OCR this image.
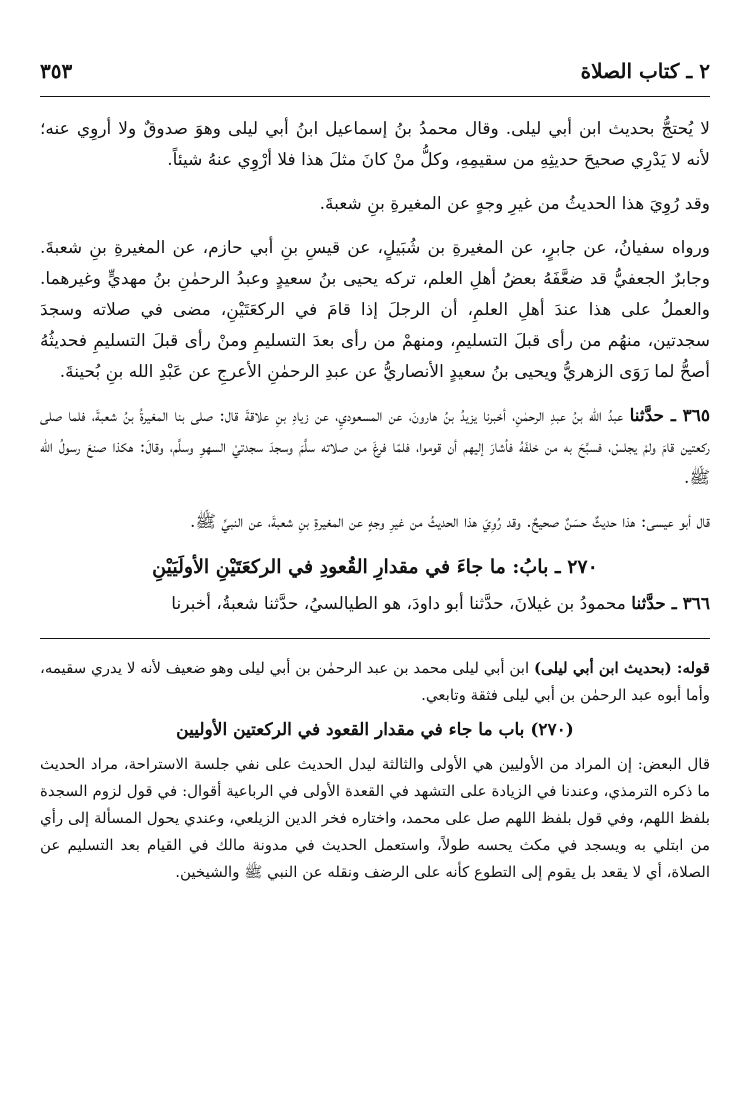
٢ ـ كتاب الصلاة
٣٥٣

لا يُحتجُّ بحديث ابن أبي ليلى. وقال محمدُ بنُ إسماعيل ابنُ أبي ليلى وهوَ صدوقٌ ولا أروِي عنه؛ لأنه لا يَدْرِي صحيحَ حديثِهِ من سقيمِهِ، وكلُّ منْ كانَ مثلَ هذا فلا أرْوِي عنهُ شيئاً.

وقد رُوِيَ هذا الحديثُ من غيرِ وجهٍ عن المغيرةِ بنِ شعبةَ.

ورواه سفيانُ، عن جابرٍ، عن المغيرةِ بن شُبَيلٍ، عن قيسِ بنِ أبي حازم، عن المغيرةِ بنِ شعبةَ. وجابرٌ الجعفيُّ قد ضعَّفَهُ بعضُ أهلِ العلم، تركه يحيى بنُ سعيدٍ وعبدُ الرحمٰنِ بنُ مهديٍّ وغيرهما. والعملُ على هذا عندَ أهلِ العلمِ، أن الرجلَ إذا قامَ في الركعَتَيْنِ، مضى في صلاته وسجدَ سجدتين، منهُم من رأى قبلَ التسليمِ، ومنهمْ من رأى بعدَ التسليمِ ومنْ رأى قبلَ التسليمِ فحديثُهُ أصحُّ لما رَوَى الزهريُّ ويحيى بنُ سعيدٍ الأنصاريُّ عن عبدِ الرحمٰنِ الأعرجِ عن عَبْدِ الله بنِ بُحينةَ.

٣٦٥ ـ حدَّثنا عبدُ الله بنُ عبدِ الرحمٰنِ، أخبرنا يزيدُ بنُ هارونَ، عن المسعوديِ، عن زيادِ بنِ علاقةَ قال: صلى بنا المغيرةُ بنُ شعبةَ، فلما صلى ركعتين قامَ ولمْ يجلسْ، فسبَّحَ به من خلفَهُ فأشارَ إليهم أن قوموا، فلمّا فرغَ من صلاته سلَّمَ وسجدَ سجدتيْ السهوِ وسلَّم، وقالَ: هكذا صنعَ رسولُ الله ﷺ.

قال أبو عيسى: هذا حديثٌ حسَنٌ صحيحٌ. وقد رُوِيَ هذا الحديثُ من غيرِ وجهٍ عن المغيرةِ بنِ شعبةَ، عن النبيِّ ﷺ.

٢٧٠ ـ بابُ: ما جاءَ في مقدارِ القُعودِ في الركعَتَيْنِ الأولَيَيْنِ

٣٦٦ ـ حدَّثنا محمودُ بن غيلانَ، حدَّثنا أبو داودَ، هو الطيالسيُ، حدَّثنا شعبةُ، أخبرنا

قوله: (بحديث ابن أبي ليلى) ابن أبي ليلى محمد بن عبد الرحمٰن بن أبي ليلى وهو ضعيف لأنه لا يدري سقيمه، وأما أبوه عبد الرحمٰن بن أبي ليلى فثقة وتابعي.

(٢٧٠) باب ما جاء في مقدار القعود في الركعتين الأوليين

قال البعض: إن المراد من الأوليين هي الأولى والثالثة ليدل الحديث على نفي جلسة الاستراحة، مراد الحديث ما ذكره الترمذي، وعندنا في الزيادة على التشهد في القعدة الأولى في الرباعية أقوال: في قول لزوم السجدة بلفظ اللهم، وفي قول بلفظ اللهم صل على محمد، واختاره فخر الدين الزيلعي، وعندي يحول المسألة إلى رأي من ابتلي به ويسجد في مكث يحسه طولاً، واستعمل الحديث في مدونة مالك في القيام بعد التسليم عن الصلاة، أي لا يقعد بل يقوم إلى التطوع كأنه على الرضف ونقله عن النبي ﷺ والشيخين.
